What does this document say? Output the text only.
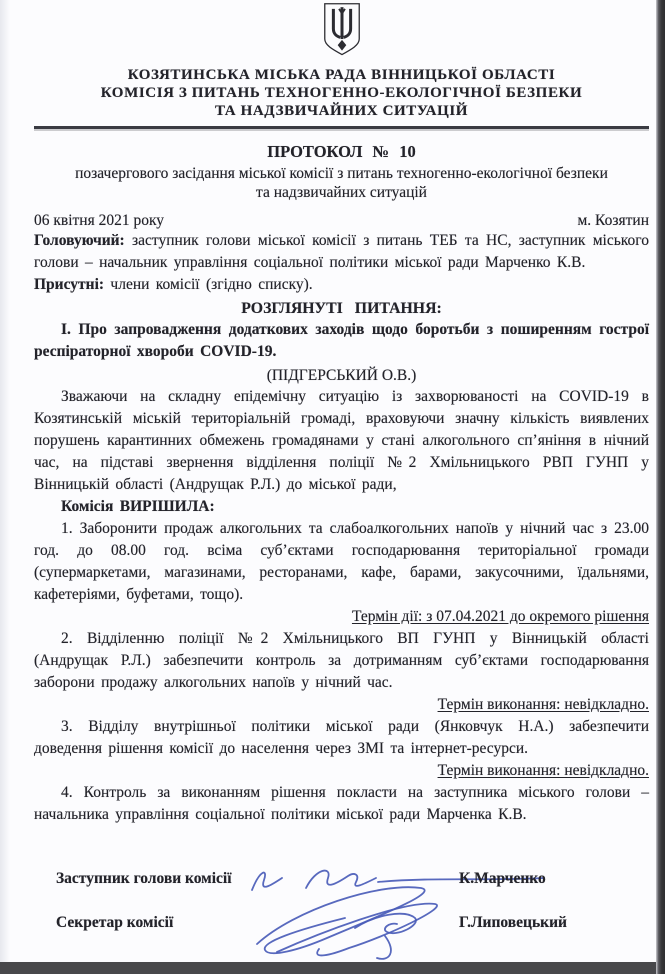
КОЗЯТИНСЬКА МІСЬКА РАДА ВІННИЦЬКОЇ ОБЛАСТІ

КОМІСІЯ З ПИТАНЬ ТЕХНОГЕННО-ЕКОЛОГІЧНОЇ БЕЗПЕКИ

ТА НАДЗВИЧАЙНИХ СИТУАЦІЙ

ПРОТОКОЛ № 10

позачергового засідання міської комісії з питань техногенно-екологічної безпеки

та надзвичайних ситуацій

06 квітня 2021 року	м. Козятин

Головуючий: заступник голови міської комісії з питань ТЕБ та НС, заступник міського голови – начальник управління соціальної політики міської ради Марченко К.В.

Присутні: члени комісії (згідно списку).

РОЗГЛЯНУТІ ПИТАННЯ:

І. Про запровадження додаткових заходів щодо боротьби з поширенням гострої респіраторної хвороби COVID-19.

(ПІДГЕРСЬКИЙ О.В.)

Зважаючи на складну епідемічну ситуацію із захворюваності на COVID-19 в Козятинській міській територіальній громаді, враховуючи значну кількість виявлених порушень карантинних обмежень громадянами у стані алкогольного сп’яніння в нічний час, на підставі звернення відділення поліції №2 Хмільницького РВП ГУНП у Вінницькій області (Андрущак Р.Л.) до міської ради,

Комісія ВИРІШИЛА:

1. Заборонити продаж алкогольних та слабоалкогольних напоїв у нічний час з 23.00 год. до 08.00 год. всіма суб’єктами господарювання територіальної громади (супермаркетами, магазинами, ресторанами, кафе, барами, закусочними, їдальнями, кафетеріями, буфетами, тощо).

Термін дії: з 07.04.2021 до окремого рішення

2. Відділенню поліції №2 Хмільницького ВП ГУНП у Вінницькій області (Андрущак Р.Л.) забезпечити контроль за дотриманням суб’єктами господарювання заборони продажу алкогольних напоїв у нічний час.

Термін виконання: невідкладно.

3. Відділу внутрішньої політики міської ради (Янковчук Н.А.) забезпечити доведення рішення комісії до населення через ЗМІ та інтернет-ресурси.

Термін виконання: невідкладно.

4. Контроль за виконанням рішення покласти на заступника міського голови – начальника управління соціальної політики міської ради Марченка К.В.

Заступник голови комісії	К.Марченко
Секретар комісії	Г.Липовецький
